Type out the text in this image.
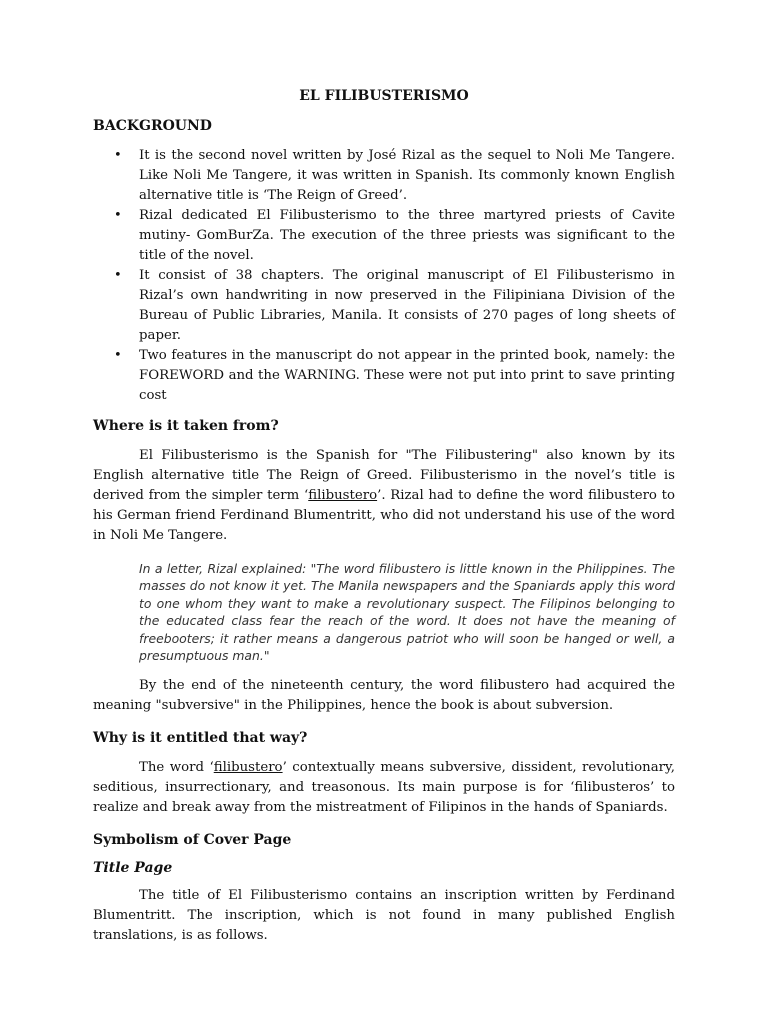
EL FILIBUSTERISMO
BACKGROUND
• It is the second novel written by José Rizal as the sequel to Noli Me Tangere. Like Noli Me Tangere, it was written in Spanish. Its commonly known English alternative title is ‘The Reign of Greed’.
• Rizal dedicated El Filibusterismo to the three martyred priests of Cavite mutiny- GomBurZa. The execution of the three priests was significant to the title of the novel.
• It consist of 38 chapters. The original manuscript of El Filibusterismo in Rizal’s own handwriting in now preserved in the Filipiniana Division of the Bureau of Public Libraries, Manila. It consists of 270 pages of long sheets of paper.
• Two features in the manuscript do not appear in the printed book, namely: the FOREWORD and the WARNING. These were not put into print to save printing cost
Where is it taken from?

El Filibusterismo is the Spanish for "The Filibustering" also known by its English alternative title The Reign of Greed. Filibusterismo in the novel’s title is derived from the simpler term ‘filibustero’. Rizal had to define the word filibustero to his German friend Ferdinand Blumentritt, who did not understand his use of the word in Noli Me Tangere.

In a letter, Rizal explained: "The word filibustero is little known in the Philippines. The masses do not know it yet. The Manila newspapers and the Spaniards apply this word to one whom they want to make a revolutionary suspect. The Filipinos belonging to the educated class fear the reach of the word. It does not have the meaning of freebooters; it rather means a dangerous patriot who will soon be hanged or well, a presumptuous man."

By the end of the nineteenth century, the word filibustero had acquired the meaning "subversive" in the Philippines, hence the book is about subversion.

Why is it entitled that way?

The word ‘filibustero’ contextually means subversive, dissident, revolutionary, seditious, insurrectionary, and treasonous. Its main purpose is for ‘filibusteros’ to realize and break away from the mistreatment of Filipinos in the hands of Spaniards.

Symbolism of Cover Page
Title Page

The title of El Filibusterismo contains an inscription written by Ferdinand Blumentritt. The inscription, which is not found in many published English translations, is as follows.
